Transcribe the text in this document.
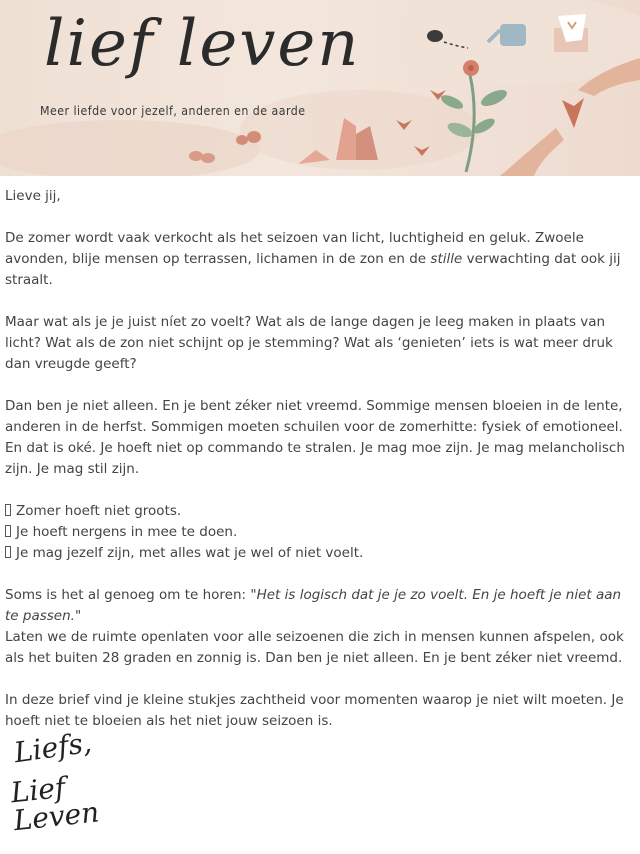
lief leven
Meer liefde voor jezelf, anderen en de aarde

Lieve jij,

De zomer wordt vaak verkocht als het seizoen van licht, luchtigheid en geluk. Zwoele avonden, blije mensen op terrassen, lichamen in de zon en de stille verwachting dat ook jij straalt.

Maar wat als je je juist níet zo voelt? Wat als de lange dagen je leeg maken in plaats van licht? Wat als de zon niet schijnt op je stemming? Wat als ‘genieten’ iets is wat meer druk dan vreugde geeft?

Dan ben je niet alleen. En je bent zéker niet vreemd. Sommige mensen bloeien in de lente, anderen in de herfst. Sommigen moeten schuilen voor de zomerhitte: fysiek of emotioneel. En dat is oké. Je hoeft niet op commando te stralen. Je mag moe zijn. Je mag melancholisch zijn. Je mag stil zijn.

Zomer hoeft niet groots.
Je hoeft nergens in mee te doen.
Je mag jezelf zijn, met alles wat je wel of niet voelt.

Soms is het al genoeg om te horen: "Het is logisch dat je je zo voelt. En je hoeft je niet aan te passen."
Laten we de ruimte openlaten voor alle seizoenen die zich in mensen kunnen afspelen, ook als het buiten 28 graden en zonnig is. Dan ben je niet alleen. En je bent zéker niet vreemd.

In deze brief vind je kleine stukjes zachtheid voor momenten waarop je niet wilt moeten. Je hoeft niet te bloeien als het niet jouw seizoen is.

Liefs,
Lief Leven
